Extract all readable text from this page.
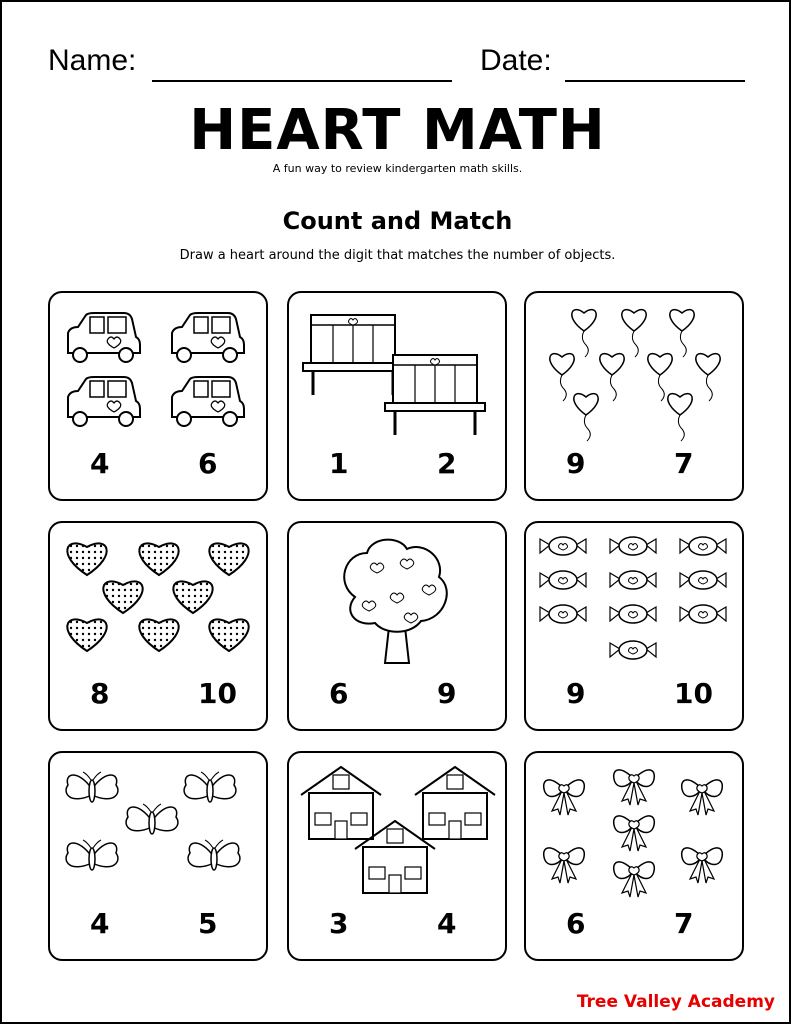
Name:	Date:
HEART MATH
A fun way to review kindergarten math skills.
Count and Match
Draw a heart around the digit that matches the number of objects.
4	6	1	2	9	7
8	10	6	9	9	10
4	5	3	4	6	7
Tree Valley Academy
